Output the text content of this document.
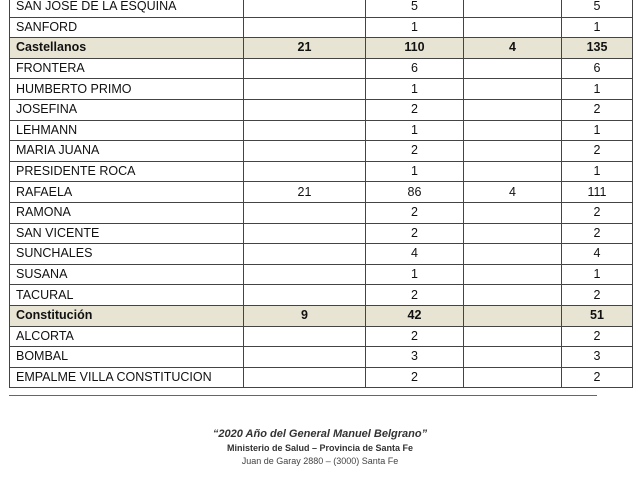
SAN JOSE DE LA ESQUINA		5		5
SANFORD		1		1
Castellanos	21	110	4	135
FRONTERA		6		6
HUMBERTO PRIMO		1		1
JOSEFINA		2		2
LEHMANN		1		1
MARIA JUANA		2		2
PRESIDENTE ROCA		1		1
RAFAELA	21	86	4	111
RAMONA		2		2
SAN VICENTE		2		2
SUNCHALES		4		4
SUSANA		1		1
TACURAL		2		2
Constitución	9	42		51
ALCORTA		2		2
BOMBAL		3		3
EMPALME VILLA CONSTITUCION		2		2
“2020 Año del General Manuel Belgrano”
Ministerio de Salud – Provincia de Santa Fe
Juan de Garay 2880 – (3000) Santa Fe
